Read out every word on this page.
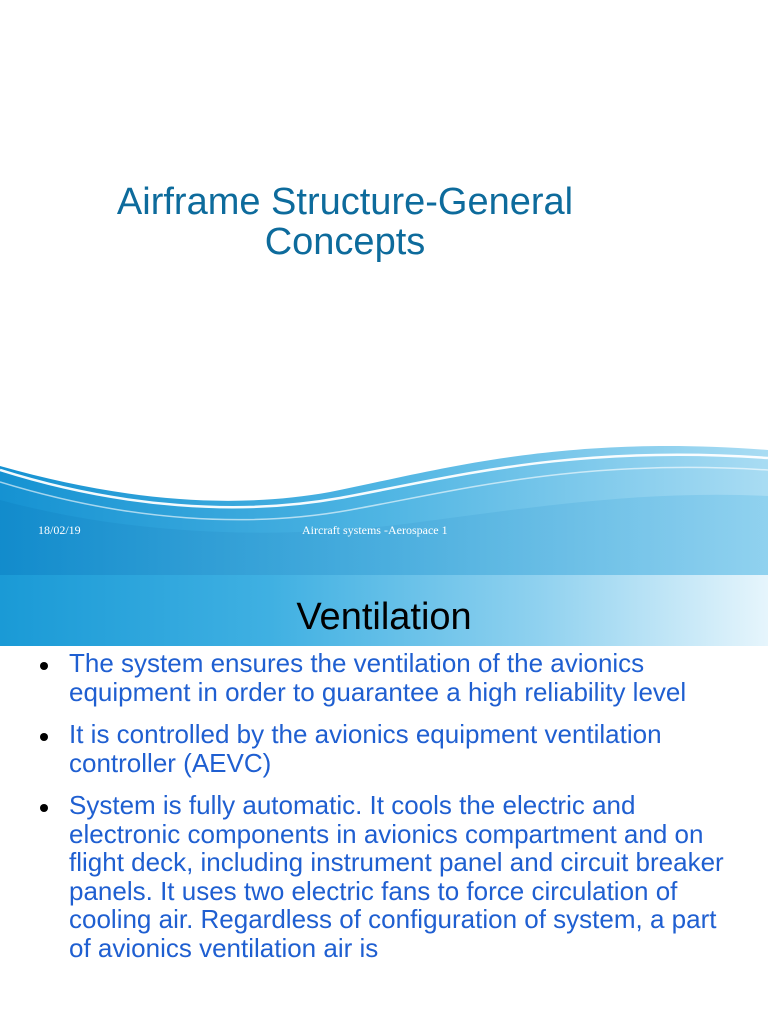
Airframe Structure-General
Concepts
18/02/19	Aircraft systems -Aerospace 1
Ventilation
The system ensures the ventilation of the avionics equipment in order to guarantee a high reliability level
It is controlled by the avionics equipment ventilation controller (AEVC)
System is fully automatic. It cools the electric and electronic components in avionics compartment and on flight deck, including instrument panel and circuit breaker panels. It uses two electric fans to force circulation of cooling air. Regardless of configuration of system, a part of avionics ventilation air is
